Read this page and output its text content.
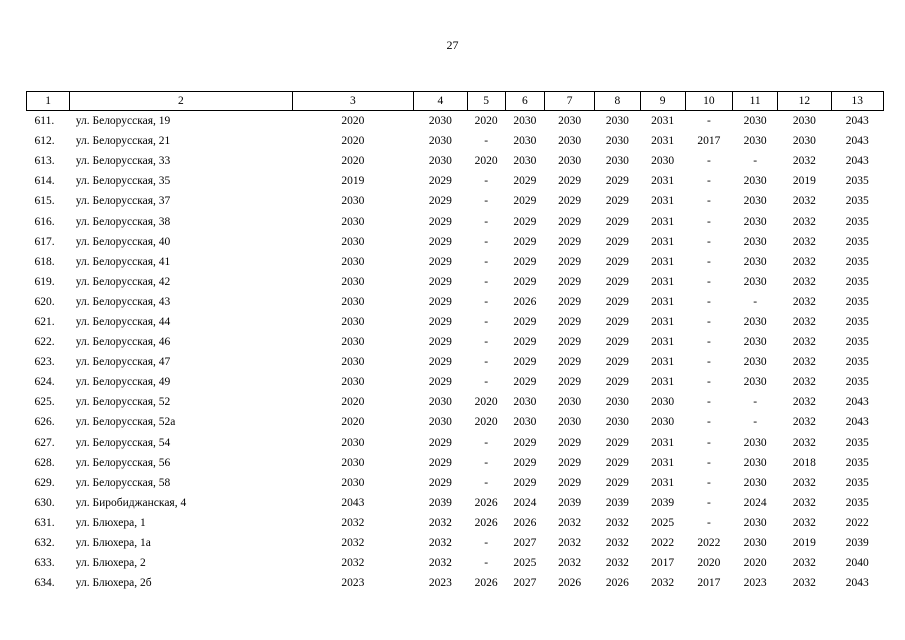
27
1	2	3	4	5	6	7	8	9	10	11	12	13
611.	ул. Белорусская, 19	2020	2030	2020	2030	2030	2030	2031	-	2030	2030	2043
612.	ул. Белорусская, 21	2020	2030	-	2030	2030	2030	2031	2017	2030	2030	2043
613.	ул. Белорусская, 33	2020	2030	2020	2030	2030	2030	2030	-	-	2032	2043
614.	ул. Белорусская, 35	2019	2029	-	2029	2029	2029	2031	-	2030	2019	2035
615.	ул. Белорусская, 37	2030	2029	-	2029	2029	2029	2031	-	2030	2032	2035
616.	ул. Белорусская, 38	2030	2029	-	2029	2029	2029	2031	-	2030	2032	2035
617.	ул. Белорусская, 40	2030	2029	-	2029	2029	2029	2031	-	2030	2032	2035
618.	ул. Белорусская, 41	2030	2029	-	2029	2029	2029	2031	-	2030	2032	2035
619.	ул. Белорусская, 42	2030	2029	-	2029	2029	2029	2031	-	2030	2032	2035
620.	ул. Белорусская, 43	2030	2029	-	2026	2029	2029	2031	-	-	2032	2035
621.	ул. Белорусская, 44	2030	2029	-	2029	2029	2029	2031	-	2030	2032	2035
622.	ул. Белорусская, 46	2030	2029	-	2029	2029	2029	2031	-	2030	2032	2035
623.	ул. Белорусская, 47	2030	2029	-	2029	2029	2029	2031	-	2030	2032	2035
624.	ул. Белорусская, 49	2030	2029	-	2029	2029	2029	2031	-	2030	2032	2035
625.	ул. Белорусская, 52	2020	2030	2020	2030	2030	2030	2030	-	-	2032	2043
626.	ул. Белорусская, 52а	2020	2030	2020	2030	2030	2030	2030	-	-	2032	2043
627.	ул. Белорусская, 54	2030	2029	-	2029	2029	2029	2031	-	2030	2032	2035
628.	ул. Белорусская, 56	2030	2029	-	2029	2029	2029	2031	-	2030	2018	2035
629.	ул. Белорусская, 58	2030	2029	-	2029	2029	2029	2031	-	2030	2032	2035
630.	ул. Биробиджанская, 4	2043	2039	2026	2024	2039	2039	2039	-	2024	2032	2035
631.	ул. Блюхера, 1	2032	2032	2026	2026	2032	2032	2025	-	2030	2032	2022
632.	ул. Блюхера, 1а	2032	2032	-	2027	2032	2032	2022	2022	2030	2019	2039
633.	ул. Блюхера, 2	2032	2032	-	2025	2032	2032	2017	2020	2020	2032	2040
634.	ул. Блюхера, 2б	2023	2023	2026	2027	2026	2026	2032	2017	2023	2032	2043
